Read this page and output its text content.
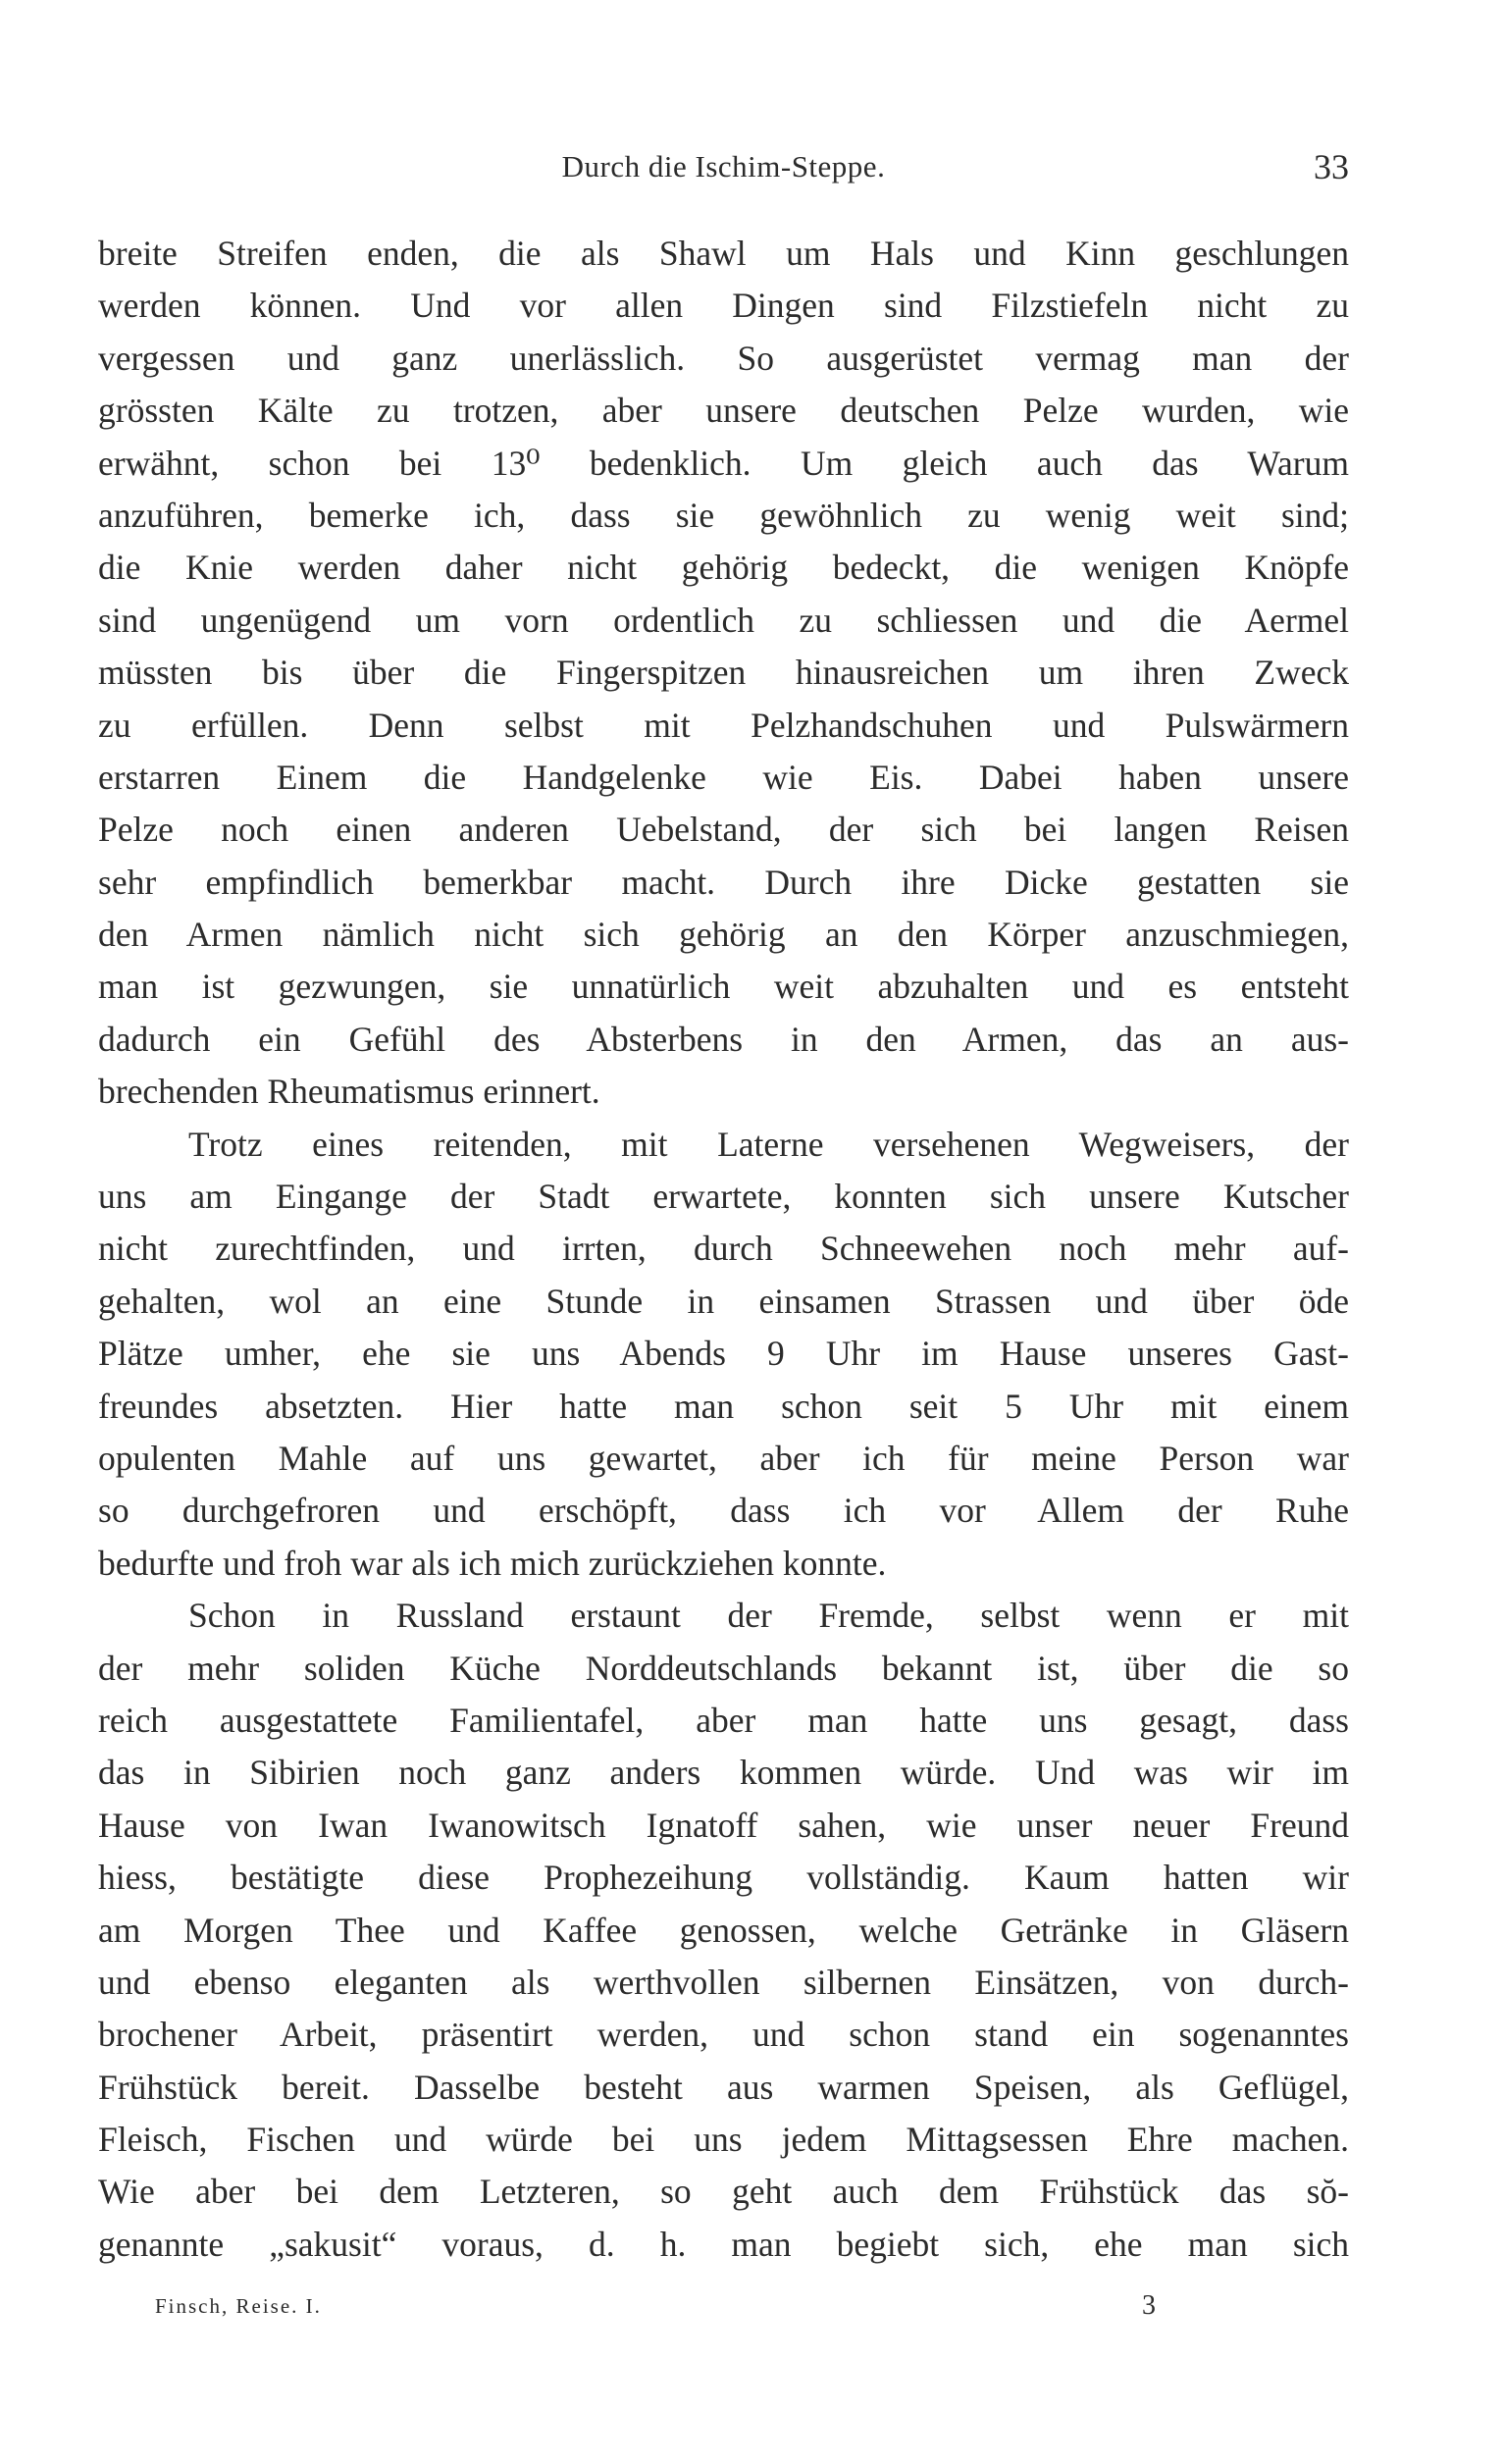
Durch die Ischim-Steppe.	33
breite Streifen enden, die als Shawl um Hals und Kinn geschlungen
werden können. Und vor allen Dingen sind Filzstiefeln nicht zu
vergessen und ganz unerlässlich. So ausgerüstet vermag man der
grössten Kälte zu trotzen, aber unsere deutschen Pelze wurden, wie
erwähnt, schon bei 13⁰ bedenklich. Um gleich auch das Warum
anzuführen, bemerke ich, dass sie gewöhnlich zu wenig weit sind;
die Knie werden daher nicht gehörig bedeckt, die wenigen Knöpfe
sind ungenügend um vorn ordentlich zu schliessen und die Aermel
müssten bis über die Fingerspitzen hinausreichen um ihren Zweck
zu erfüllen. Denn selbst mit Pelzhandschuhen und Pulswärmern
erstarren Einem die Handgelenke wie Eis. Dabei haben unsere
Pelze noch einen anderen Uebelstand, der sich bei langen Reisen
sehr empfindlich bemerkbar macht. Durch ihre Dicke gestatten sie
den Armen nämlich nicht sich gehörig an den Körper anzuschmiegen,
man ist gezwungen, sie unnatürlich weit abzuhalten und es entsteht
dadurch ein Gefühl des Absterbens in den Armen, das an aus-
brechenden Rheumatismus erinnert.
Trotz eines reitenden, mit Laterne versehenen Wegweisers, der
uns am Eingange der Stadt erwartete, konnten sich unsere Kutscher
nicht zurechtfinden, und irrten, durch Schneewehen noch mehr auf-
gehalten, wol an eine Stunde in einsamen Strassen und über öde
Plätze umher, ehe sie uns Abends 9 Uhr im Hause unseres Gast-
freundes absetzten. Hier hatte man schon seit 5 Uhr mit einem
opulenten Mahle auf uns gewartet, aber ich für meine Person war
so durchgefroren und erschöpft, dass ich vor Allem der Ruhe
bedurfte und froh war als ich mich zurückziehen konnte.
Schon in Russland erstaunt der Fremde, selbst wenn er mit
der mehr soliden Küche Norddeutschlands bekannt ist, über die so
reich ausgestattete Familientafel, aber man hatte uns gesagt, dass
das in Sibirien noch ganz anders kommen würde. Und was wir im
Hause von Iwan Iwanowitsch Ignatoff sahen, wie unser neuer Freund
hiess, bestätigte diese Prophezeihung vollständig. Kaum hatten wir
am Morgen Thee und Kaffee genossen, welche Getränke in Gläsern
und ebenso eleganten als werthvollen silbernen Einsätzen, von durch-
brochener Arbeit, präsentirt werden, und schon stand ein sogenanntes
Frühstück bereit. Dasselbe besteht aus warmen Speisen, als Geflügel,
Fleisch, Fischen und würde bei uns jedem Mittagsessen Ehre machen.
Wie aber bei dem Letzteren, so geht auch dem Frühstück das sŏ-
genannte „sakusit“ voraus, d. h. man begiebt sich, ehe man sich
Finsch, Reise. I.	3
